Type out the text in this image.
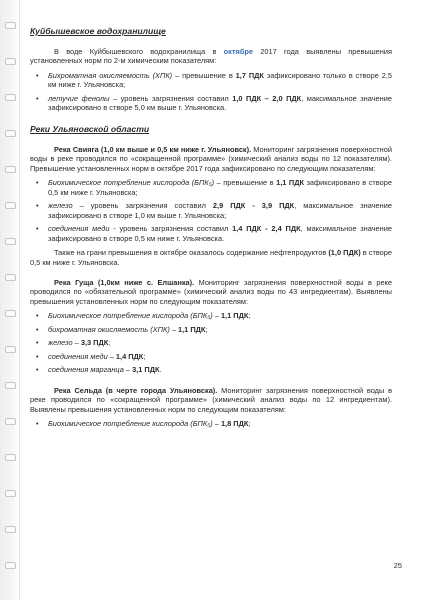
Куйбышевское водохранилище

В воде Куйбышевского водохранилища в октябре 2017 года выявлены превышения установленных норм по 2-м химическим показателям:

• Бихроматная окисляемость (ХПК) – превышение в 1,7 ПДК зафиксировано только в створе 2,5 км ниже г. Ульяновска;
• летучие фенолы – уровень загрязнения составил 1,0 ПДК – 2,0 ПДК, максимальное значение зафиксировано в створе 5,0 км выше г. Ульяновска.
Реки Ульяновской области

Река Свияга (1,0 км выше и 0,5 км ниже г. Ульяновск). Мониторинг загрязнения поверхностной воды в реке проводился по «сокращенной программе» (химический анализ воды по 12 показателям). Превышение установленных норм в октябре 2017 года зафиксировано по следующим показателям:

• Биохимическое потребление кислорода (БПК₅) – превышение в 1,1 ПДК зафиксировано в створе 0,5 км ниже г. Ульяновска;
• железо – уровень загрязнения составил 2,9 ПДК - 3,9 ПДК, максимальное значение зафиксировано в створе 1,0 км выше г. Ульяновска;
• соединения меди - уровень загрязнения составил 1,4 ПДК - 2,4 ПДК, максимальное значение зафиксировано в створе 0,5 км ниже г. Ульяновска.

Также на грани превышения в октябре оказалось содержание нефтепродуктов (1,0 ПДК) в створе 0,5 км ниже г. Ульяновска.

Река Гуща (1,0км ниже с. Елшанка). Мониторинг загрязнения поверхностной воды в реке проводился по «обязательной программе» (химический анализ воды по 43 ингредиентам). Выявлены превышения установленных норм по следующим показателям:

• Биохимическое потребление кислорода (БПК₅) – 1,1 ПДК;
• бихроматная окисляемость (ХПК) – 1,1 ПДК;
• железо – 3,3 ПДК;
• соединения меди – 1,4 ПДК;
• соединения марганца – 3,1 ПДК.

Река Сельда (в черте города Ульяновска). Мониторинг загрязнения поверхностной воды в реке проводился по «сокращенной программе» (химический анализ воды по 12 ингредиентам). Выявлены превышения установленных норм по следующим показателям:

• Биохимическое потребление кислорода (БПК₅) – 1,8 ПДК;
25
